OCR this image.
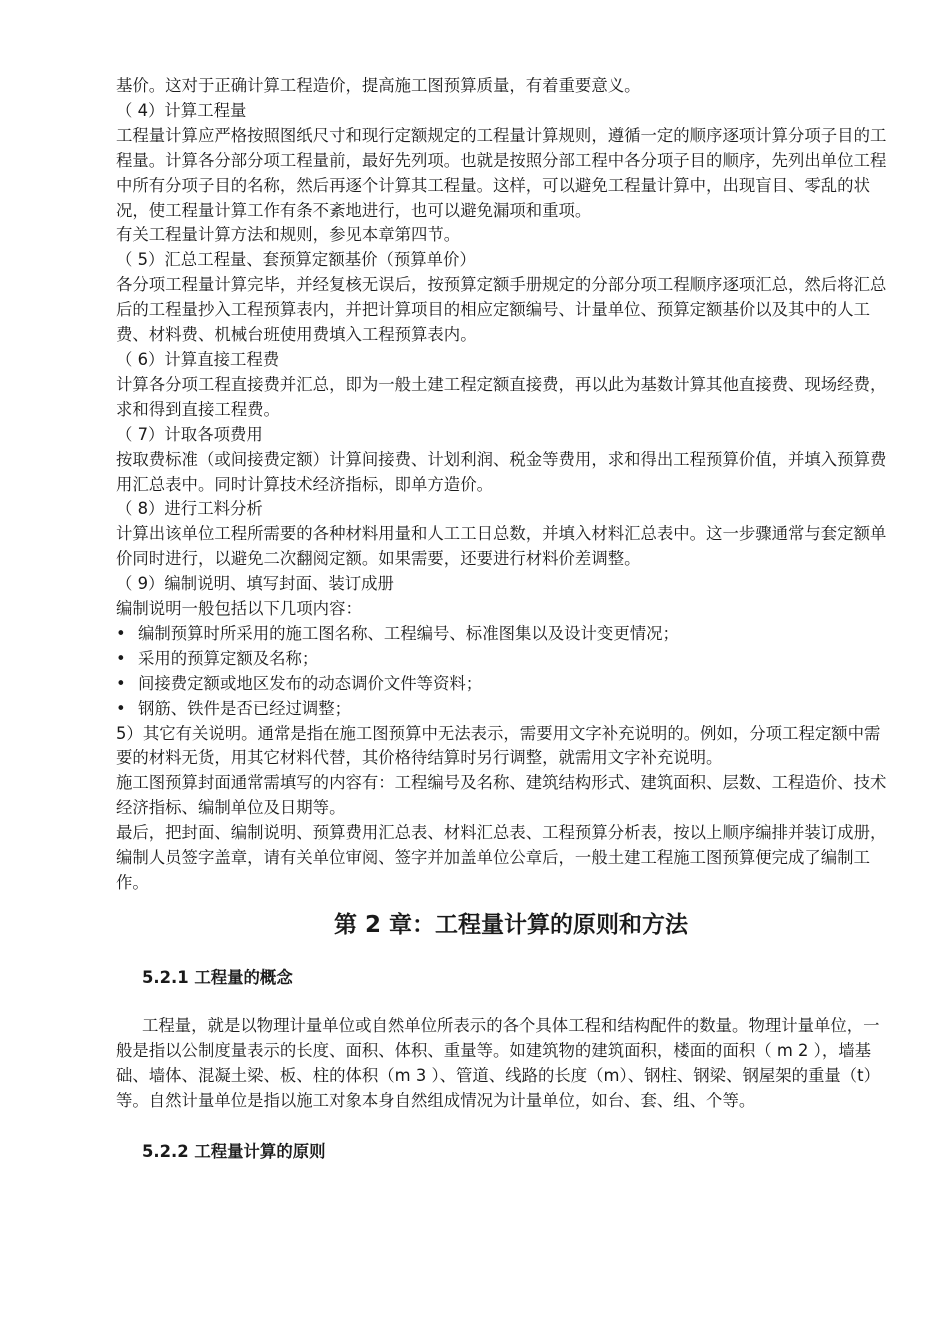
基价。这对于正确计算工程造价，提高施工图预算质量，有着重要意义。

（ 4）计算工程量

工程量计算应严格按照图纸尺寸和现行定额规定的工程量计算规则，遵循一定的顺序逐项计算分项子目的工程量。计算各分部分项工程量前，最好先列项。也就是按照分部工程中各分项子目的顺序，先列出单位工程中所有分项子目的名称，然后再逐个计算其工程量。这样，可以避免工程量计算中，出现盲目、零乱的状况，使工程量计算工作有条不紊地进行，也可以避免漏项和重项。

有关工程量计算方法和规则，参见本章第四节。

（ 5）汇总工程量、套预算定额基价（预算单价）

各分项工程量计算完毕，并经复核无误后，按预算定额手册规定的分部分项工程顺序逐项汇总，然后将汇总后的工程量抄入工程预算表内，并把计算项目的相应定额编号、计量单位、预算定额基价以及其中的人工费、材料费、机械台班使用费填入工程预算表内。

（ 6）计算直接工程费

计算各分项工程直接费并汇总，即为一般土建工程定额直接费，再以此为基数计算其他直接费、现场经费，求和得到直接工程费。

（ 7）计取各项费用

按取费标准（或间接费定额）计算间接费、计划利润、税金等费用，求和得出工程预算价值，并填入预算费用汇总表中。同时计算技术经济指标，即单方造价。

（ 8）进行工料分析

计算出该单位工程所需要的各种材料用量和人工工日总数，并填入材料汇总表中。这一步骤通常与套定额单价同时进行，以避免二次翻阅定额。如果需要，还要进行材料价差调整。

（ 9）编制说明、填写封面、装订成册

编制说明一般包括以下几项内容：

• 编制预算时所采用的施工图名称、工程编号、标准图集以及设计变更情况；
• 采用的预算定额及名称；
• 间接费定额或地区发布的动态调价文件等资料；
• 钢筋、铁件是否已经过调整；

5）其它有关说明。通常是指在施工图预算中无法表示，需要用文字补充说明的。例如，分项工程定额中需要的材料无货，用其它材料代替，其价格待结算时另行调整，就需用文字补充说明。

施工图预算封面通常需填写的内容有：工程编号及名称、建筑结构形式、建筑面积、层数、工程造价、技术经济指标、编制单位及日期等。

最后，把封面、编制说明、预算费用汇总表、材料汇总表、工程预算分析表，按以上顺序编排并装订成册，编制人员签字盖章，请有关单位审阅、签字并加盖单位公章后，一般土建工程施工图预算便完成了编制工作。

第 2 章：工程量计算的原则和方法
5.2.1 工程量的概念

工程量，就是以物理计量单位或自然单位所表示的各个具体工程和结构配件的数量。物理计量单位，一般是指以公制度量表示的长度、面积、体积、重量等。如建筑物的建筑面积，楼面的面积（ m 2 ），墙基础、墙体、混凝土梁、板、柱的体积（m 3 ）、管道、线路的长度（m）、钢柱、钢梁、钢屋架的重量（t）等。自然计量单位是指以施工对象本身自然组成情况为计量单位，如台、套、组、个等。

5.2.2 工程量计算的原则
